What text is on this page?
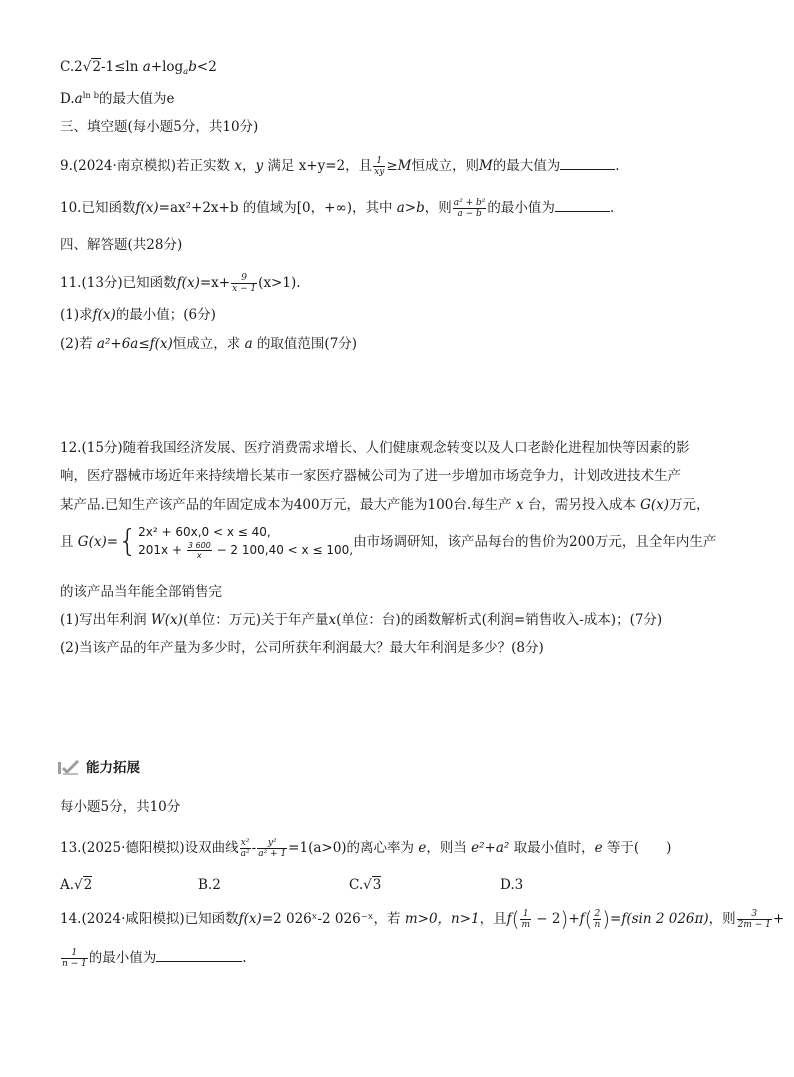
C.2√2-1≤ln $a+\log_ab<2$
$D.a^{ln b}$的最大值为e
三、填空题(每小题5分，共10分)
9.(2024·南京模拟)若正实数 x，y 满足 x+y=2，且 $\frac{1}{xy} \ge M$恒成立，则M的最大值为	.
10.已知函数f(x)=ax²+2x+b 的值域为[0，+∞)，其中 a>b，则 $\frac{\text{a² + b²}}{a - b}$ 的最小值为	.
四、解答题(共28分)
11.(13分)已知函数$f(x)=x+ \frac{9}{x - 1} (x>1)$.
(1)求f(x)的最小值；(6分)
(2)若 a²+6a≤f(x)恒成立，求 a 的取值范围(7分)
12.(15分)随着我国经济发展、医疗消费需求增长、人们健康观念转变以及人口老龄化进程加快等因素的影
响，医疗器械市场近年来持续增长某市一家医疗器械公司为了进一步增加市场竞争力，计划改进技术生产
某产品.已知生产该产品的年固定成本为400万元，最大产能为100台.每生产 x 台，需另投入成本 G(x)万元，
且 G(x)={ 2x² + 60x,0 < x ≤ 40,
$201x + \frac{3 600}{x} - 2$ 100,40 < x ≤ 100, 由市场调研知，该产品每台的售价为200万元，且全年内生产
的该产品当年能全部销售完
(1)写出年利润 W(x)(单位：万元)关于年产量x(单位：台)的函数解析式(利润=销售收入-成本)；(7分)
(2)当该产品的年产量为多少时，公司所获年利润最大？最大年利润是多少？(8分)
能力拓展
每小题5分，共10分
13.(2025·德阳模拟)设双曲线 $\frac{\text{x²}}{\text{a²}} - \frac{\text{y²}}{\text{a² + 1}} =1(a>0)$的离心率为 e，则当 e²+a² 取最小值时，e 等于(　　)
A.√2	B.2	C.√3	D.3
14.(2024·咸阳模拟)已知函数f(x)=2 026ˣ-2 026⁻ˣ，若 m>0，n>1，且$f( \frac{1}{m} - 2)+f( \frac{2}{n} )=f(\sin$ 2 026π)，则 $\frac{3}{2m - 1}$ +
$\frac{1}{n - 1}$ 的最小值为	.
